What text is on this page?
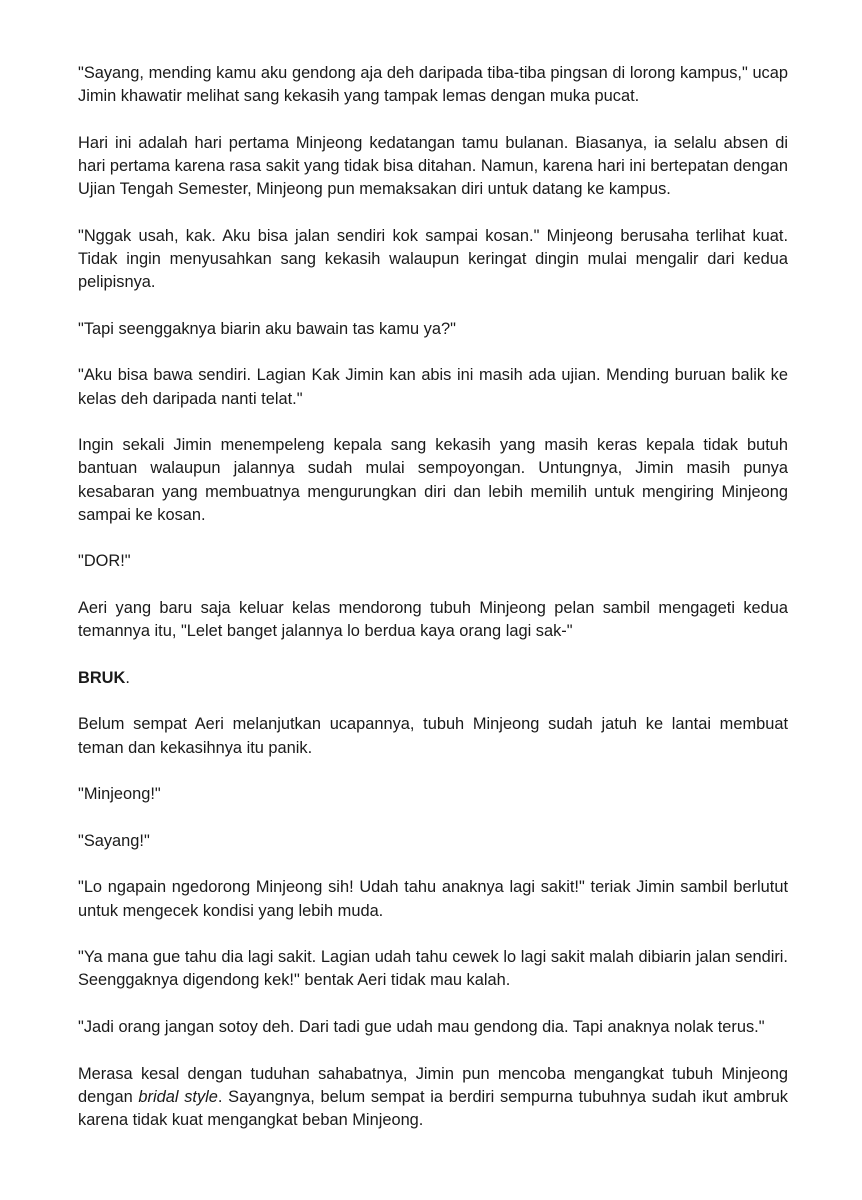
"Sayang, mending kamu aku gendong aja deh daripada tiba-tiba pingsan di lorong kampus," ucap Jimin khawatir melihat sang kekasih yang tampak lemas dengan muka pucat.

Hari ini adalah hari pertama Minjeong kedatangan tamu bulanan. Biasanya, ia selalu absen di hari pertama karena rasa sakit yang tidak bisa ditahan. Namun, karena hari ini bertepatan dengan Ujian Tengah Semester, Minjeong pun memaksakan diri untuk datang ke kampus.

"Nggak usah, kak. Aku bisa jalan sendiri kok sampai kosan." Minjeong berusaha terlihat kuat. Tidak ingin menyusahkan sang kekasih walaupun keringat dingin mulai mengalir dari kedua pelipisnya.

"Tapi seenggaknya biarin aku bawain tas kamu ya?"

"Aku bisa bawa sendiri. Lagian Kak Jimin kan abis ini masih ada ujian. Mending buruan balik ke kelas deh daripada nanti telat."

Ingin sekali Jimin menempeleng kepala sang kekasih yang masih keras kepala tidak butuh bantuan walaupun jalannya sudah mulai sempoyongan. Untungnya, Jimin masih punya kesabaran yang membuatnya mengurungkan diri dan lebih memilih untuk mengiring Minjeong sampai ke kosan.

"DOR!"

Aeri yang baru saja keluar kelas mendorong tubuh Minjeong pelan sambil mengageti kedua temannya itu, "Lelet banget jalannya lo berdua kaya orang lagi sak-"

BRUK.

Belum sempat Aeri melanjutkan ucapannya, tubuh Minjeong sudah jatuh ke lantai membuat teman dan kekasihnya itu panik.

"Minjeong!"

"Sayang!"

"Lo ngapain ngedorong Minjeong sih! Udah tahu anaknya lagi sakit!" teriak Jimin sambil berlutut untuk mengecek kondisi yang lebih muda.

"Ya mana gue tahu dia lagi sakit. Lagian udah tahu cewek lo lagi sakit malah dibiarin jalan sendiri. Seenggaknya digendong kek!" bentak Aeri tidak mau kalah.

"Jadi orang jangan sotoy deh. Dari tadi gue udah mau gendong dia. Tapi anaknya nolak terus."

Merasa kesal dengan tuduhan sahabatnya, Jimin pun mencoba mengangkat tubuh Minjeong dengan bridal style. Sayangnya, belum sempat ia berdiri sempurna tubuhnya sudah ikut ambruk karena tidak kuat mengangkat beban Minjeong.
